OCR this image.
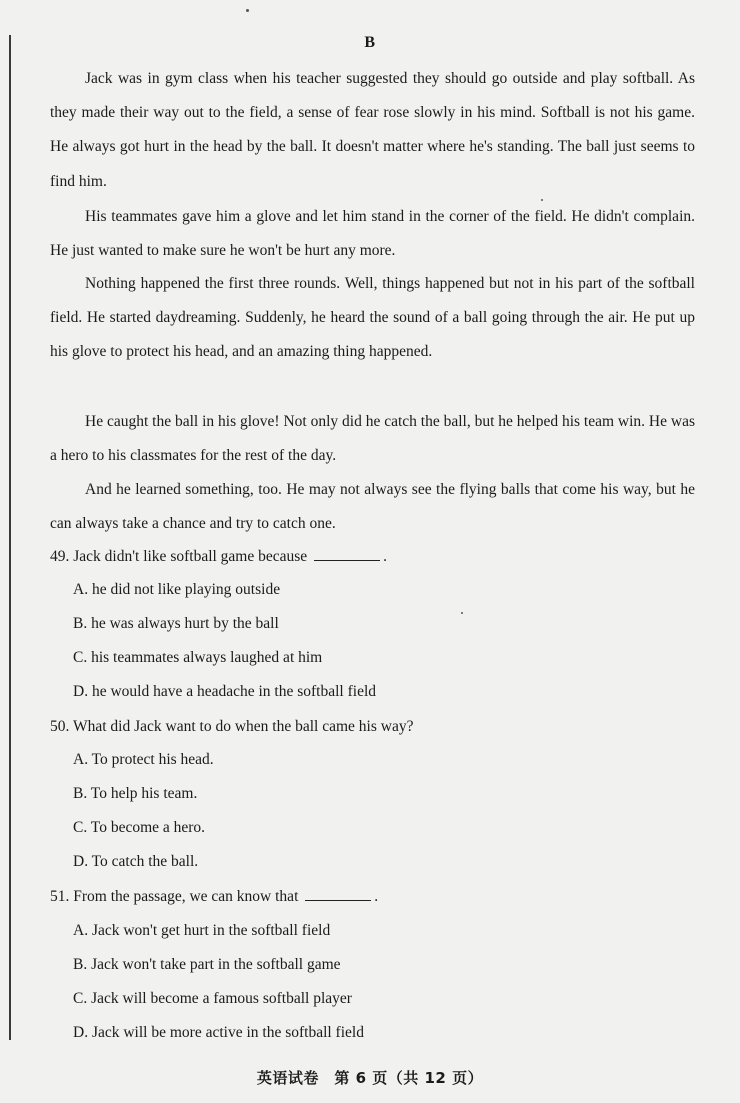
B

Jack was in gym class when his teacher suggested they should go outside and play softball. As they made their way out to the field, a sense of fear rose slowly in his mind. Softball is not his game. He always got hurt in the head by the ball. It doesn't matter where he's standing. The ball just seems to find him.

His teammates gave him a glove and let him stand in the corner of the field. He didn't complain. He just wanted to make sure he won't be hurt any more.

Nothing happened the first three rounds. Well, things happened but not in his part of the softball field. He started daydreaming. Suddenly, he heard the sound of a ball going through the air. He put up his glove to protect his head, and an amazing thing happened.

He caught the ball in his glove! Not only did he catch the ball, but he helped his team win. He was a hero to his classmates for the rest of the day.

And he learned something, too. He may not always see the flying balls that come his way, but he can always take a chance and try to catch one.

49. Jack didn't like softball game because	.
A. he did not like playing outside
B. he was always hurt by the ball
C. his teammates always laughed at him
D. he would have a headache in the softball field
50. What did Jack want to do when the ball came his way?
A. To protect his head.
B. To help his team.
C. To become a hero.
D. To catch the ball.
51. From the passage, we can know that	.
A. Jack won't get hurt in the softball field
B. Jack won't take part in the softball game
C. Jack will become a famous softball player
D. Jack will be more active in the softball field
英语试卷　第 6 页（共 12 页）
